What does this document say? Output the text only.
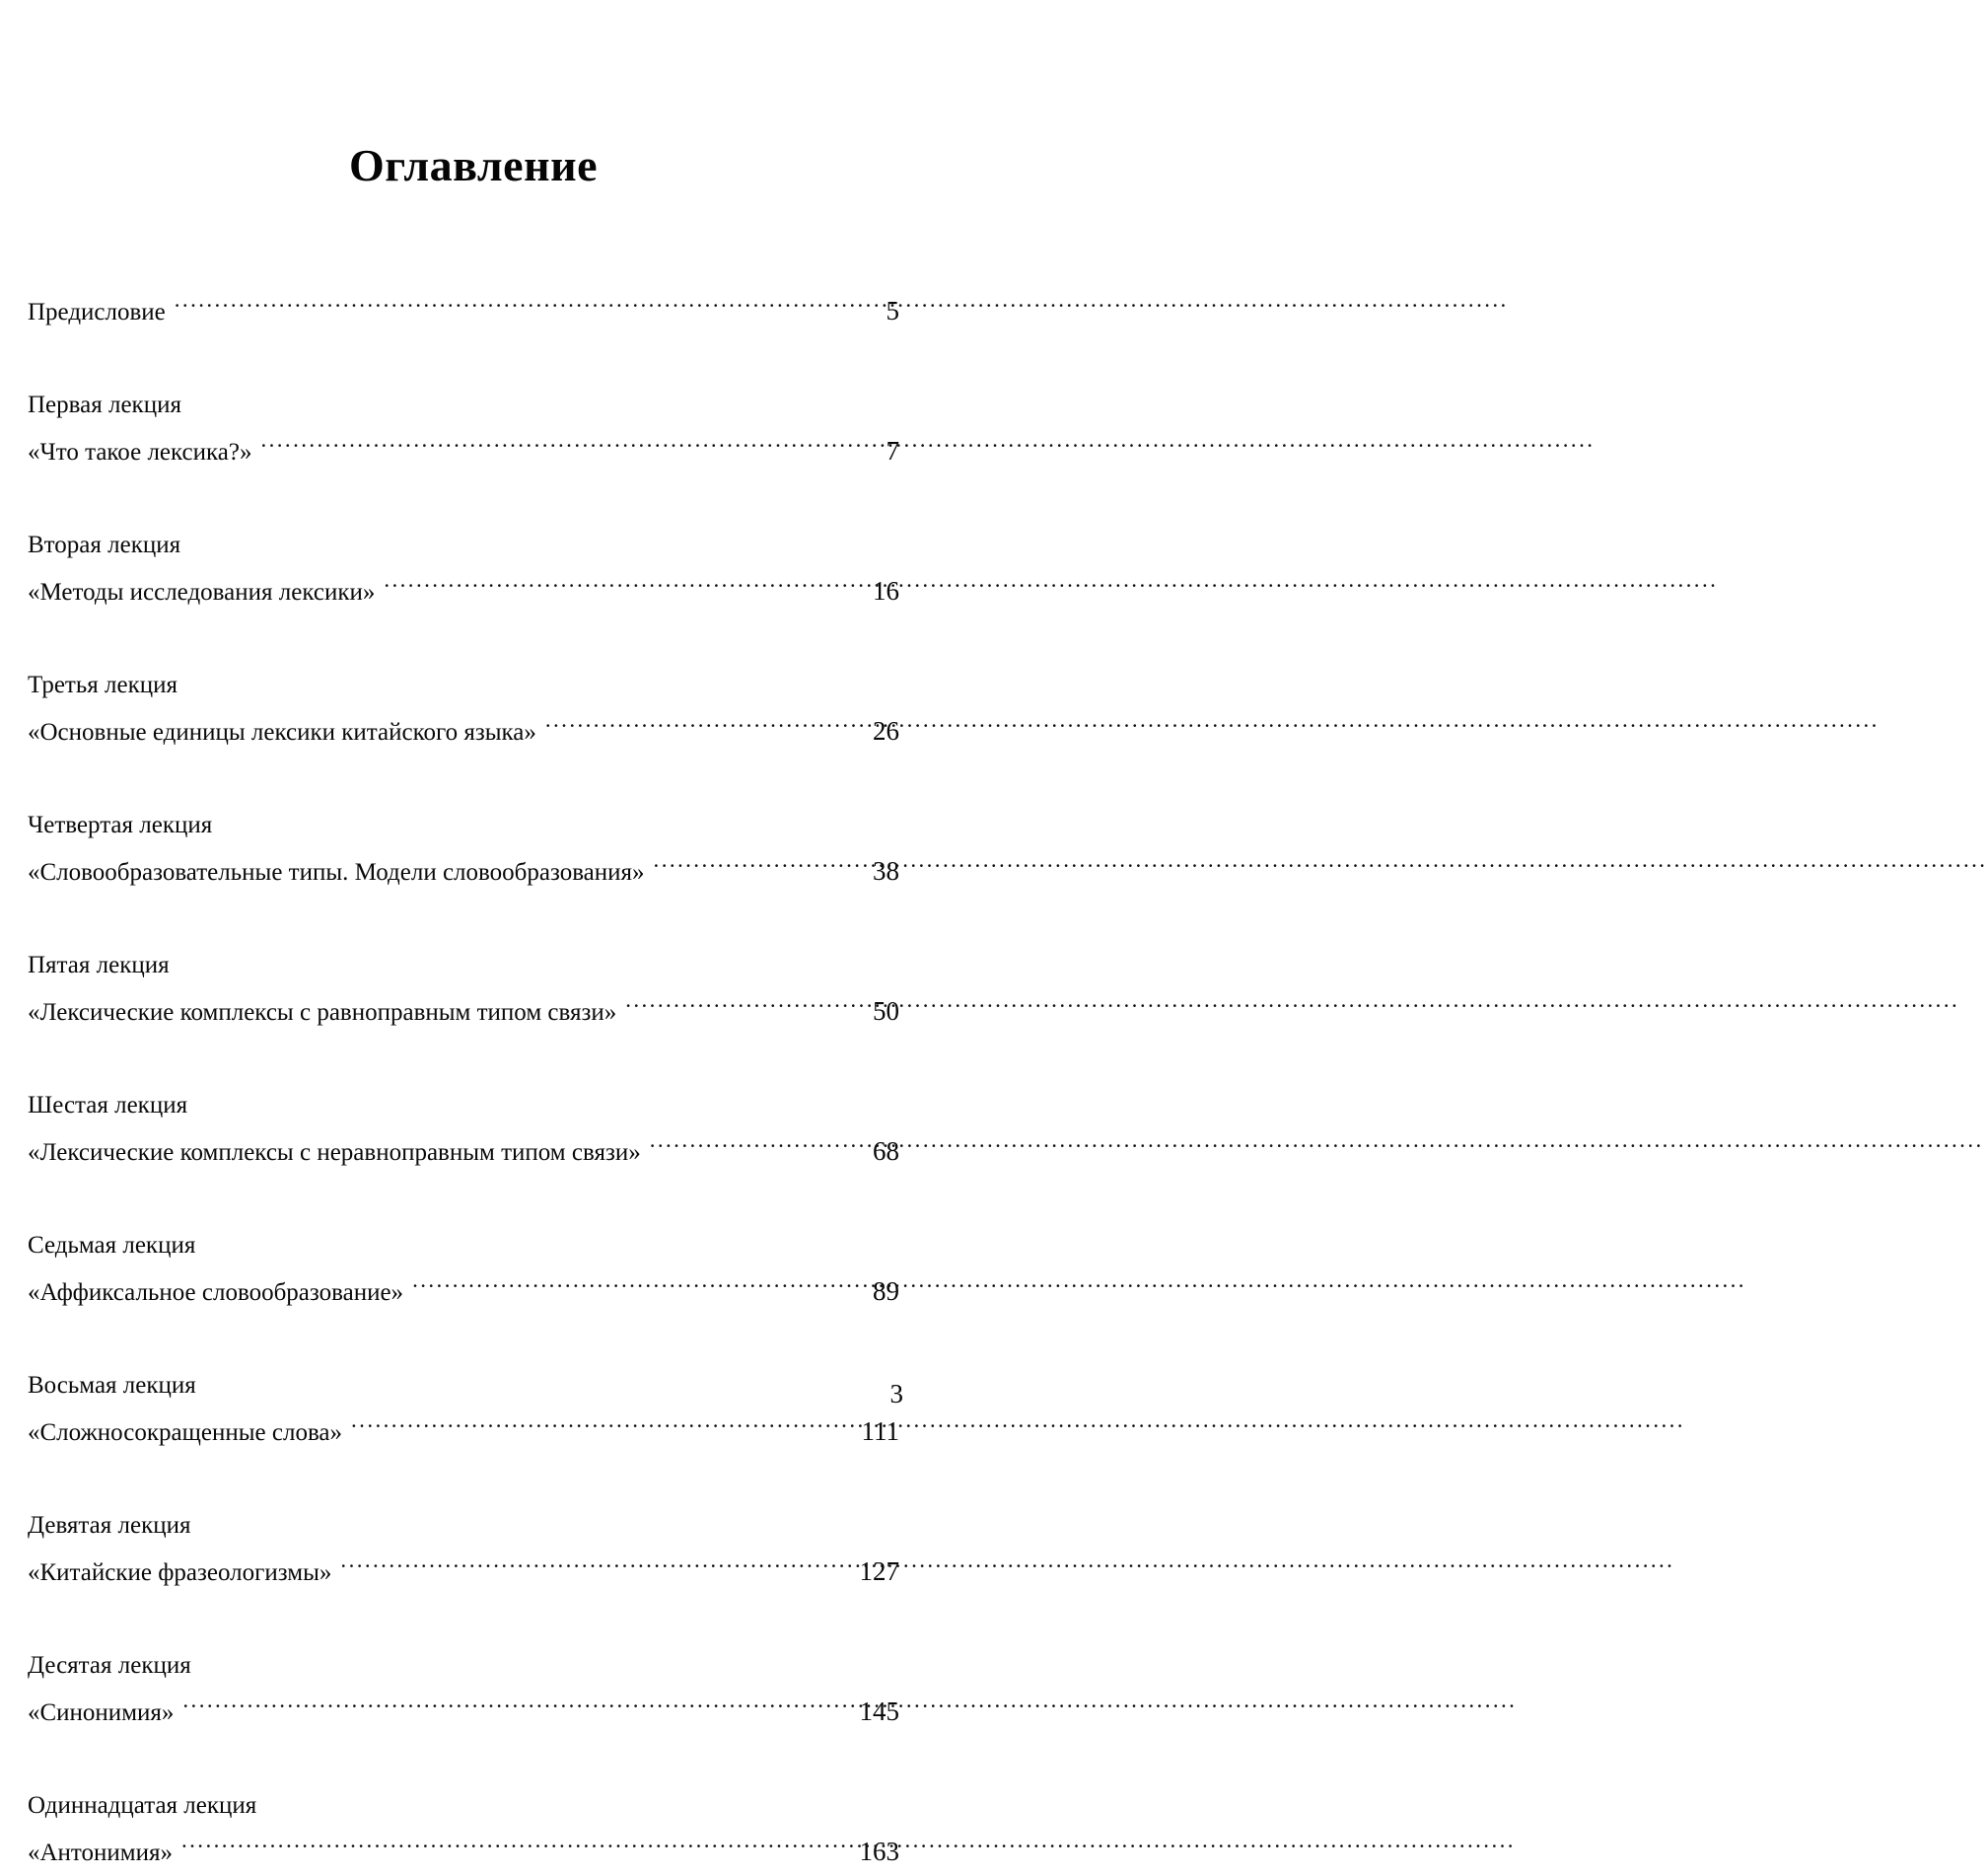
Оглавление
Предисловие .....	5
Первая лекция
«Что такое лексика?» .....	7
Вторая лекция
«Методы исследования лексики» .....	16
Третья лекция
«Основные единицы лексики китайского языка» .....	26
Четвертая лекция
«Словообразовательные типы. Модели словообразования» .....	38
Пятая лекция
«Лексические комплексы с равноправным типом связи» .....	50
Шестая лекция
«Лексические комплексы с неравноправным типом связи» .....	68
Седьмая лекция
«Аффиксальное словообразование» .....	89
Восьмая лекция
«Сложносокращенные слова» .....	111
Девятая лекция
«Китайские фразеологизмы» .....	127
Десятая лекция
«Синонимия» .....	145
Одиннадцатая лекция
«Антонимия» .....	163
3
